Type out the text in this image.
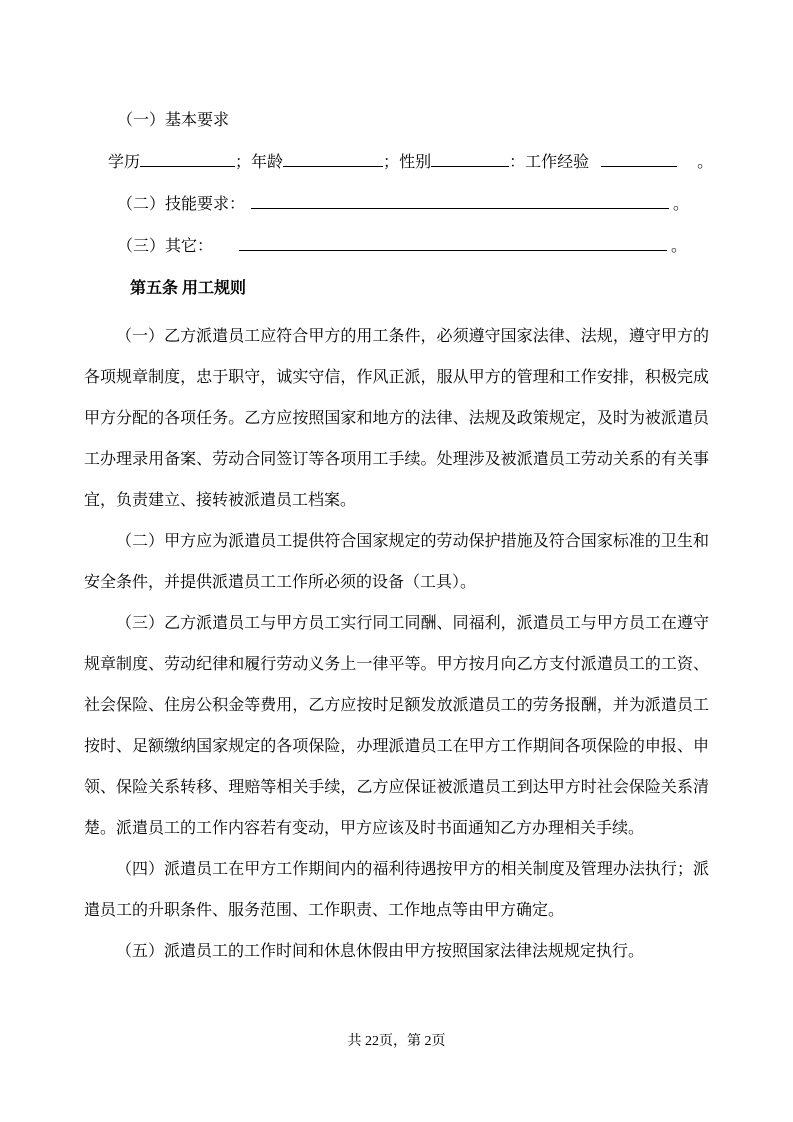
（一）基本要求

学历	；年龄	；性别	：工作经验	。

（二）技能要求：	。

（三）其它：	。

第五条 用工规则

（一）乙方派遣员工应符合甲方的用工条件，必须遵守国家法律、法规，遵守甲方的各项规章制度，忠于职守，诚实守信，作风正派，服从甲方的管理和工作安排，积极完成甲方分配的各项任务。乙方应按照国家和地方的法律、法规及政策规定，及时为被派遣员工办理录用备案、劳动合同签订等各项用工手续。处理涉及被派遣员工劳动关系的有关事宜，负责建立、接转被派遣员工档案。

（二）甲方应为派遣员工提供符合国家规定的劳动保护措施及符合国家标准的卫生和安全条件，并提供派遣员工工作所必须的设备（工具）。

（三）乙方派遣员工与甲方员工实行同工同酬、同福利，派遣员工与甲方员工在遵守规章制度、劳动纪律和履行劳动义务上一律平等。甲方按月向乙方支付派遣员工的工资、社会保险、住房公积金等费用，乙方应按时足额发放派遣员工的劳务报酬，并为派遣员工按时、足额缴纳国家规定的各项保险，办理派遣员工在甲方工作期间各项保险的申报、申领、保险关系转移、理赔等相关手续，乙方应保证被派遣员工到达甲方时社会保险关系清楚。派遣员工的工作内容若有变动，甲方应该及时书面通知乙方办理相关手续。

（四）派遣员工在甲方工作期间内的福利待遇按甲方的相关制度及管理办法执行；派遣员工的升职条件、服务范围、工作职责、工作地点等由甲方确定。

（五）派遣员工的工作时间和休息休假由甲方按照国家法律法规规定执行。

共 22页，第 2页
